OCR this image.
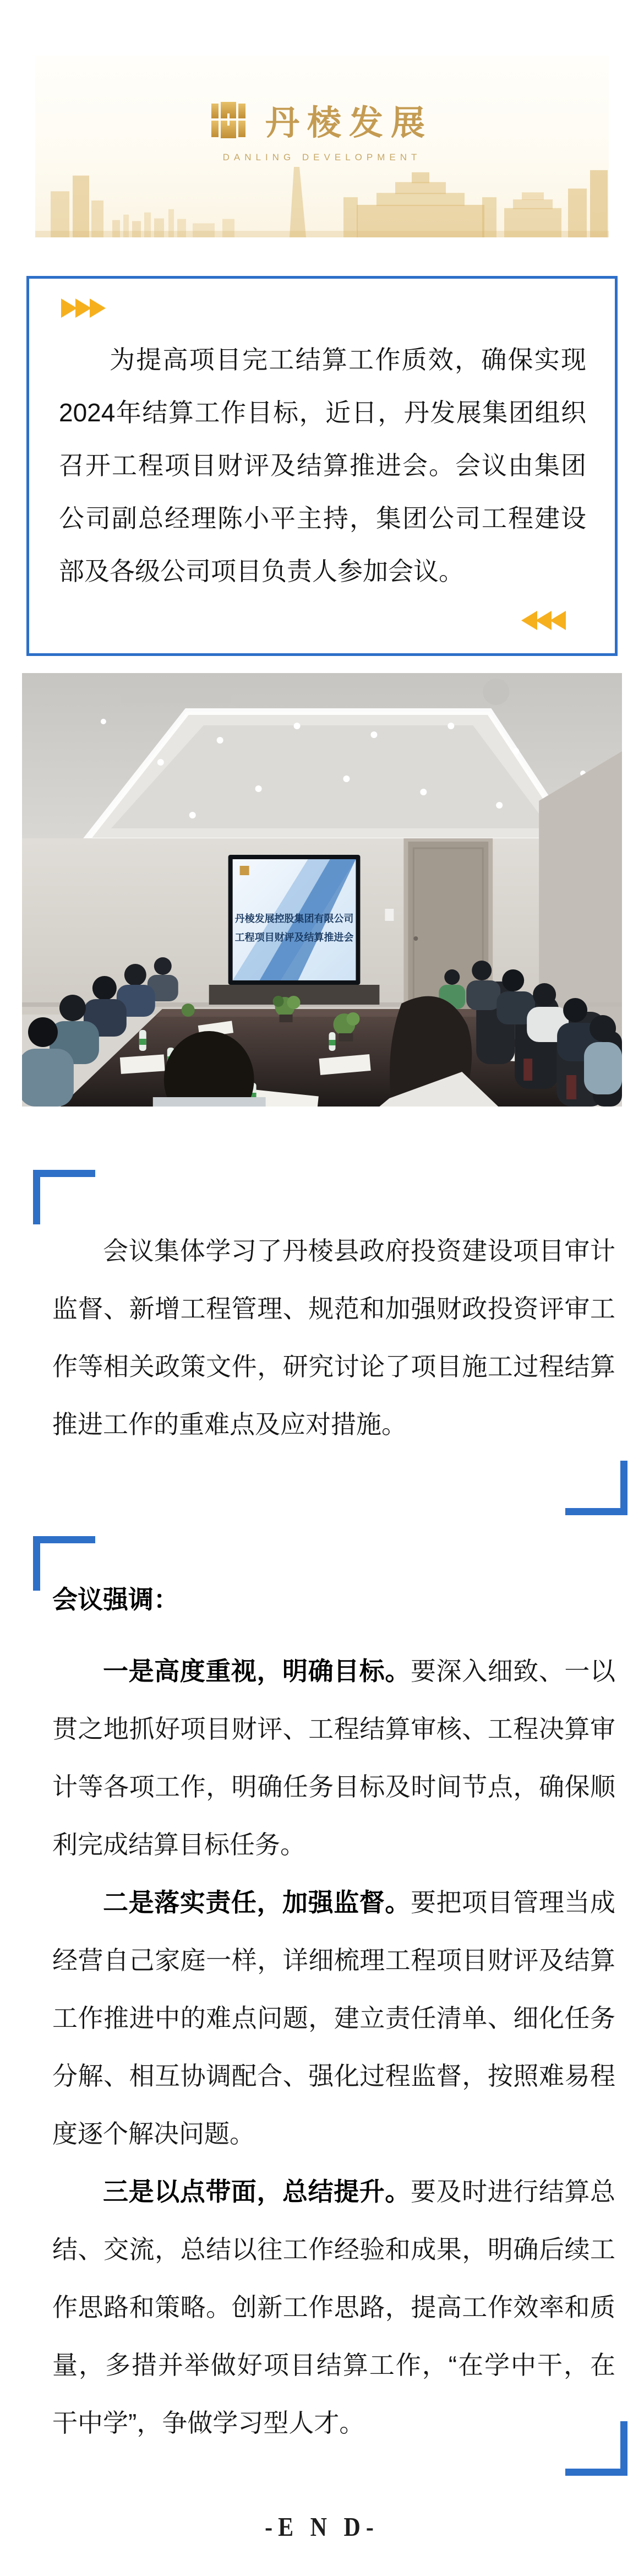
丹棱发展
DANLING DEVELOPMENT

为提高项目完工结算工作质效，确保实现2024年结算工作目标，近日，丹发展集团组织召开工程项目财评及结算推进会。会议由集团公司副总经理陈小平主持，集团公司工程建设部及各级公司项目负责人参加会议。

丹棱发展控股集团有限公司
工程项目财评及结算推进会

会议集体学习了丹棱县政府投资建设项目审计监督、新增工程管理、规范和加强财政投资评审工作等相关政策文件，研究讨论了项目施工过程结算推进工作的重难点及应对措施。

会议强调：

一是高度重视，明确目标。要深入细致、一以贯之地抓好项目财评、工程结算审核、工程决算审计等各项工作，明确任务目标及时间节点，确保顺利完成结算目标任务。

二是落实责任，加强监督。要把项目管理当成经营自己家庭一样，详细梳理工程项目财评及结算工作推进中的难点问题，建立责任清单、细化任务分解、相互协调配合、强化过程监督，按照难易程度逐个解决问题。

三是以点带面，总结提升。要及时进行结算总结、交流，总结以往工作经验和成果，明确后续工作思路和策略。创新工作思路，提高工作效率和质量，多措并举做好项目结算工作，“在学中干，在干中学”，争做学习型人才。

-E N D-
